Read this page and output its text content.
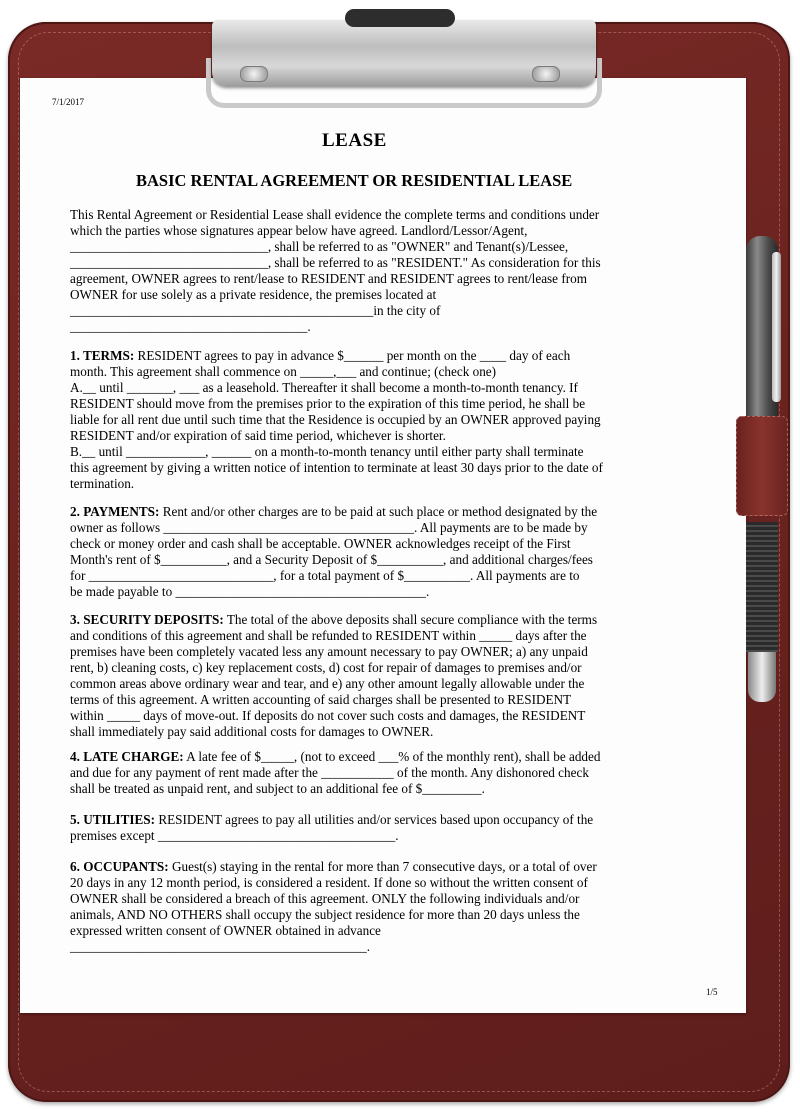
7/1/2017
LEASE
BASIC RENTAL AGREEMENT OR RESIDENTIAL LEASE
This Rental Agreement or Residential Lease shall evidence the complete terms and conditions under
which the parties whose signatures appear below have agreed. Landlord/Lessor/Agent,
______________________________, shall be referred to as "OWNER" and Tenant(s)/Lessee,
______________________________, shall be referred to as "RESIDENT." As consideration for this
agreement, OWNER agrees to rent/lease to RESIDENT and RESIDENT agrees to rent/lease from
OWNER for use solely as a private residence, the premises located at
______________________________________________in the city of
____________________________________.
1. TERMS: RESIDENT agrees to pay in advance $______ per month on the ____ day of each
month. This agreement shall commence on _____,___ and continue; (check one)
A.__ until _______, ___ as a leasehold. Thereafter it shall become a month-to-month tenancy. If
RESIDENT should move from the premises prior to the expiration of this time period, he shall be
liable for all rent due until such time that the Residence is occupied by an OWNER approved paying
RESIDENT and/or expiration of said time period, whichever is shorter.
B.__ until ____________, ______ on a month-to-month tenancy until either party shall terminate
this agreement by giving a written notice of intention to terminate at least 30 days prior to the date of
termination.
2. PAYMENTS: Rent and/or other charges are to be paid at such place or method designated by the
owner as follows ______________________________________. All payments are to be made by
check or money order and cash shall be acceptable. OWNER acknowledges receipt of the First
Month's rent of $__________, and a Security Deposit of $__________, and additional charges/fees
for ____________________________, for a total payment of $__________. All payments are to
be made payable to ______________________________________.
3. SECURITY DEPOSITS: The total of the above deposits shall secure compliance with the terms
and conditions of this agreement and shall be refunded to RESIDENT within _____ days after the
premises have been completely vacated less any amount necessary to pay OWNER; a) any unpaid
rent, b) cleaning costs, c) key replacement costs, d) cost for repair of damages to premises and/or
common areas above ordinary wear and tear, and e) any other amount legally allowable under the
terms of this agreement. A written accounting of said charges shall be presented to RESIDENT
within _____ days of move-out. If deposits do not cover such costs and damages, the RESIDENT
shall immediately pay said additional costs for damages to OWNER.
4. LATE CHARGE: A late fee of $_____, (not to exceed ___% of the monthly rent), shall be added
and due for any payment of rent made after the ___________ of the month. Any dishonored check
shall be treated as unpaid rent, and subject to an additional fee of $_________.
5. UTILITIES: RESIDENT agrees to pay all utilities and/or services based upon occupancy of the
premises except ____________________________________.
6. OCCUPANTS: Guest(s) staying in the rental for more than 7 consecutive days, or a total of over
20 days in any 12 month period, is considered a resident. If done so without the written consent of
OWNER shall be considered a breach of this agreement. ONLY the following individuals and/or
animals, AND NO OTHERS shall occupy the subject residence for more than 20 days unless the
expressed written consent of OWNER obtained in advance
_____________________________________________.
1/5
